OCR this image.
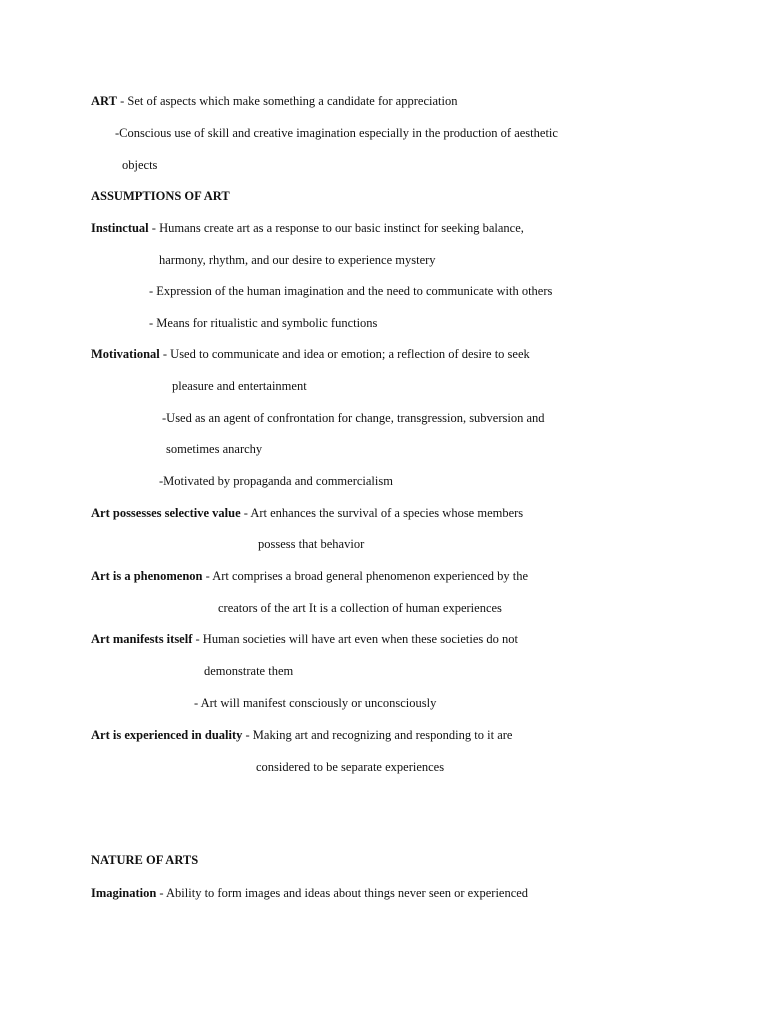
ART - Set of aspects which make something a candidate for appreciation

-Conscious use of skill and creative imagination especially in the production of aesthetic

objects

ASSUMPTIONS OF ART

Instinctual - Humans create art as a response to our basic instinct for seeking balance,

harmony, rhythm, and our desire to experience mystery

- Expression of the human imagination and the need to communicate with others

- Means for ritualistic and symbolic functions

Motivational - Used to communicate and idea or emotion; a reflection of desire to seek

pleasure and entertainment

-Used as an agent of confrontation for change, transgression, subversion and

sometimes anarchy

-Motivated by propaganda and commercialism

Art possesses selective value - Art enhances the survival of a species whose members

possess that behavior

Art is a phenomenon - Art comprises a broad general phenomenon experienced by the

creators of the art It is a collection of human experiences

Art manifests itself - Human societies will have art even when these societies do not

demonstrate them

- Art will manifest consciously or unconsciously

Art is experienced in duality - Making art and recognizing and responding to it are

considered to be separate experiences

NATURE OF ARTS

Imagination - Ability to form images and ideas about things never seen or experienced
